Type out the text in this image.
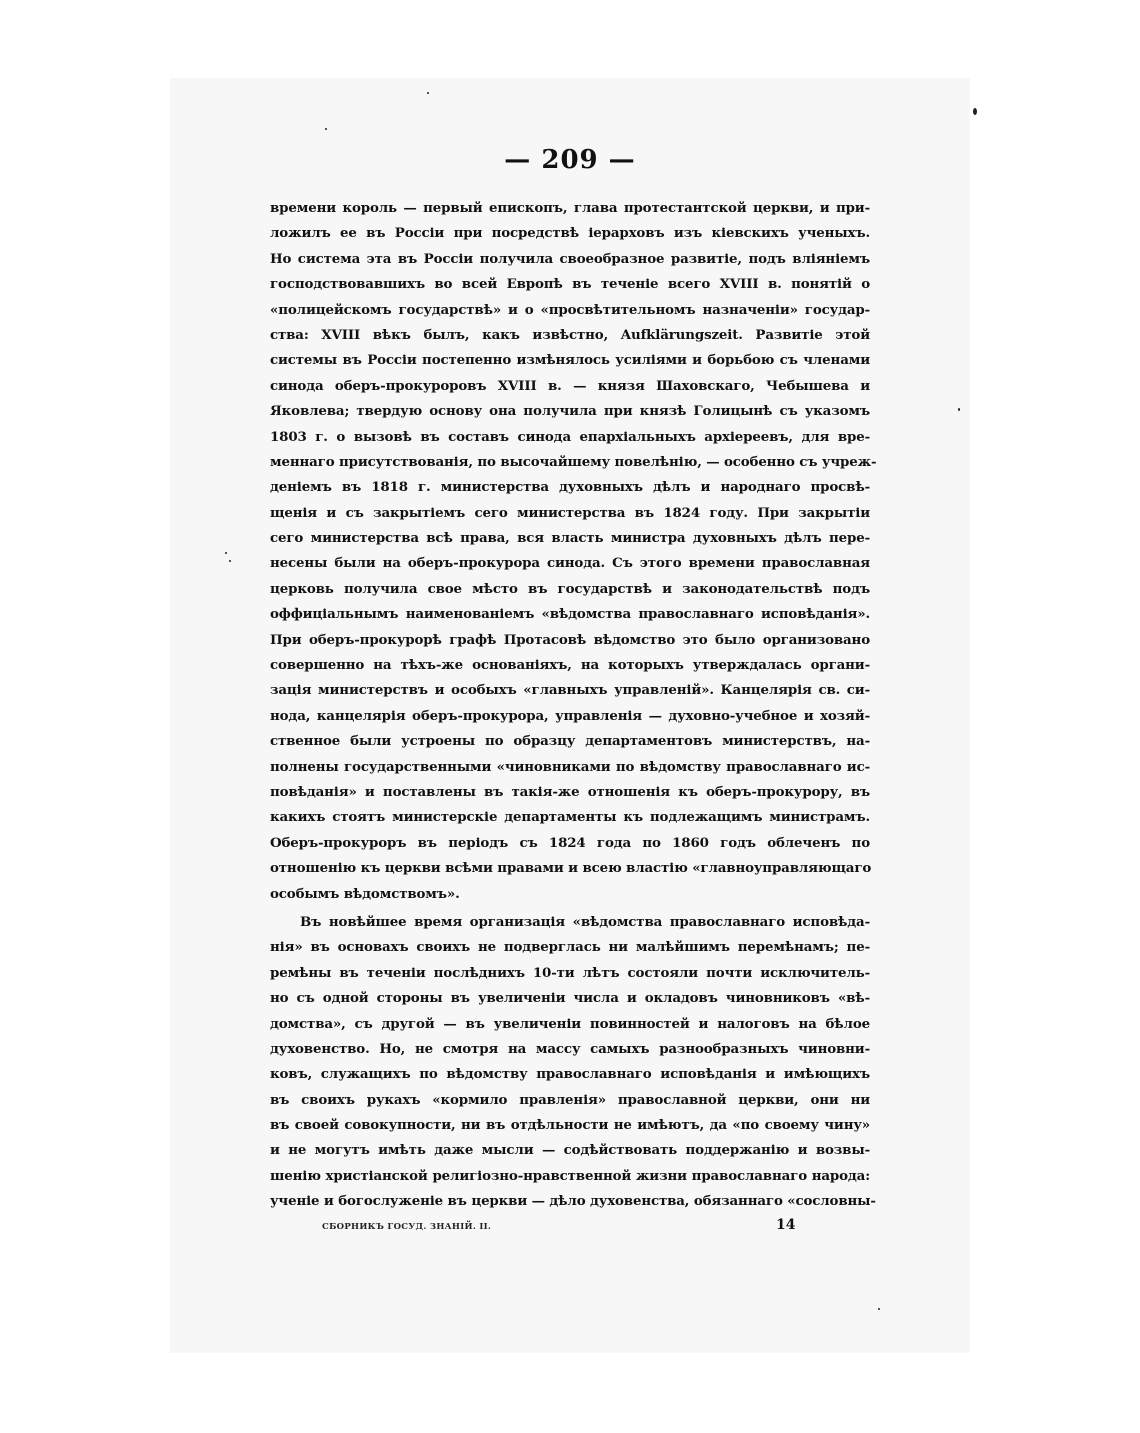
— 209 —
времени король — первый епископъ, глава протестантской церкви, и при-
ложилъ ее въ Россіи при посредствѣ іерарховъ изъ кіевскихъ ученыхъ.
Но система эта въ Россіи получила своеобразное развитіе, подъ вліяніемъ
господствовавшихъ во всей Европѣ въ теченіе всего XVIII в. понятій о
«полицейскомъ государствѣ» и о «просвѣтительномъ назначеніи» государ-
ства: XVIII вѣкъ былъ, какъ извѣстно, Aufklärungszeit. Развитіе этой
системы въ Россіи постепенно измѣнялось усиліями и борьбою съ членами
синода оберъ-прокуроровъ XVIII в. — князя Шаховскаго, Чебышева и
Яковлева; твердую основу она получила при князѣ Голицынѣ съ указомъ
1803 г. о вызовѣ въ составъ синода епархіальныхъ архіереевъ, для вре-
меннаго присутствованія, по высочайшему повелѣнію, — особенно съ учреж-
деніемъ въ 1818 г. министерства духовныхъ дѣлъ и народнаго просвѣ-
щенія и съ закрытіемъ сего министерства въ 1824 году. При закрытіи
сего министерства всѣ права, вся власть министра духовныхъ дѣлъ пере-
несены были на оберъ-прокурора синода. Съ этого времени православная
церковь получила свое мѣсто въ государствѣ и законодательствѣ подъ
оффиціальнымъ наименованіемъ «вѣдомства православнаго исповѣданія».
При оберъ-прокурорѣ графѣ Протасовѣ вѣдомство это было организовано
совершенно на тѣхъ-же основаніяхъ, на которыхъ утверждалась органи-
зація министерствъ и особыхъ «главныхъ управленій». Канцелярія св. си-
нода, канцелярія оберъ-прокурора, управленія — духовно-учебное и хозяй-
ственное были устроены по образцу департаментовъ министерствъ, на-
полнены государственными «чиновниками по вѣдомству православнаго ис-
повѣданія» и поставлены въ такія-же отношенія къ оберъ-прокурору, въ
какихъ стоятъ министерскіе департаменты къ подлежащимъ министрамъ.
Оберъ-прокуроръ въ періодъ съ 1824 года по 1860 годъ облеченъ по
отношенію къ церкви всѣми правами и всею властію «главноуправляющаго
особымъ вѣдомствомъ».
Въ новѣйшее время организація «вѣдомства православнаго исповѣда-
нія» въ основахъ своихъ не подверглась ни малѣйшимъ перемѣнамъ; пе-
ремѣны въ теченіи послѣднихъ 10-ти лѣтъ состояли почти исключитель-
но съ одной стороны въ увеличеніи числа и окладовъ чиновниковъ «вѣ-
домства», съ другой — въ увеличеніи повинностей и налоговъ на бѣлое
духовенство. Но, не смотря на массу самыхъ разнообразныхъ чиновни-
ковъ, служащихъ по вѣдомству православнаго исповѣданія и имѣющихъ
въ своихъ рукахъ «кормило правленія» православной церкви, они ни
въ своей совокупности, ни въ отдѣльности не имѣютъ, да «по своему чину»
и не могутъ имѣть даже мысли — содѣйствовать поддержанію и возвы-
шенію христіанской религіозно-нравственной жизни православнаго народа:
ученіе и богослуженіе въ церкви — дѣло духовенства, обязаннаго «сословны-
СБОРНИКЪ ГОСУД. ЗНАНІЙ. II.	14
